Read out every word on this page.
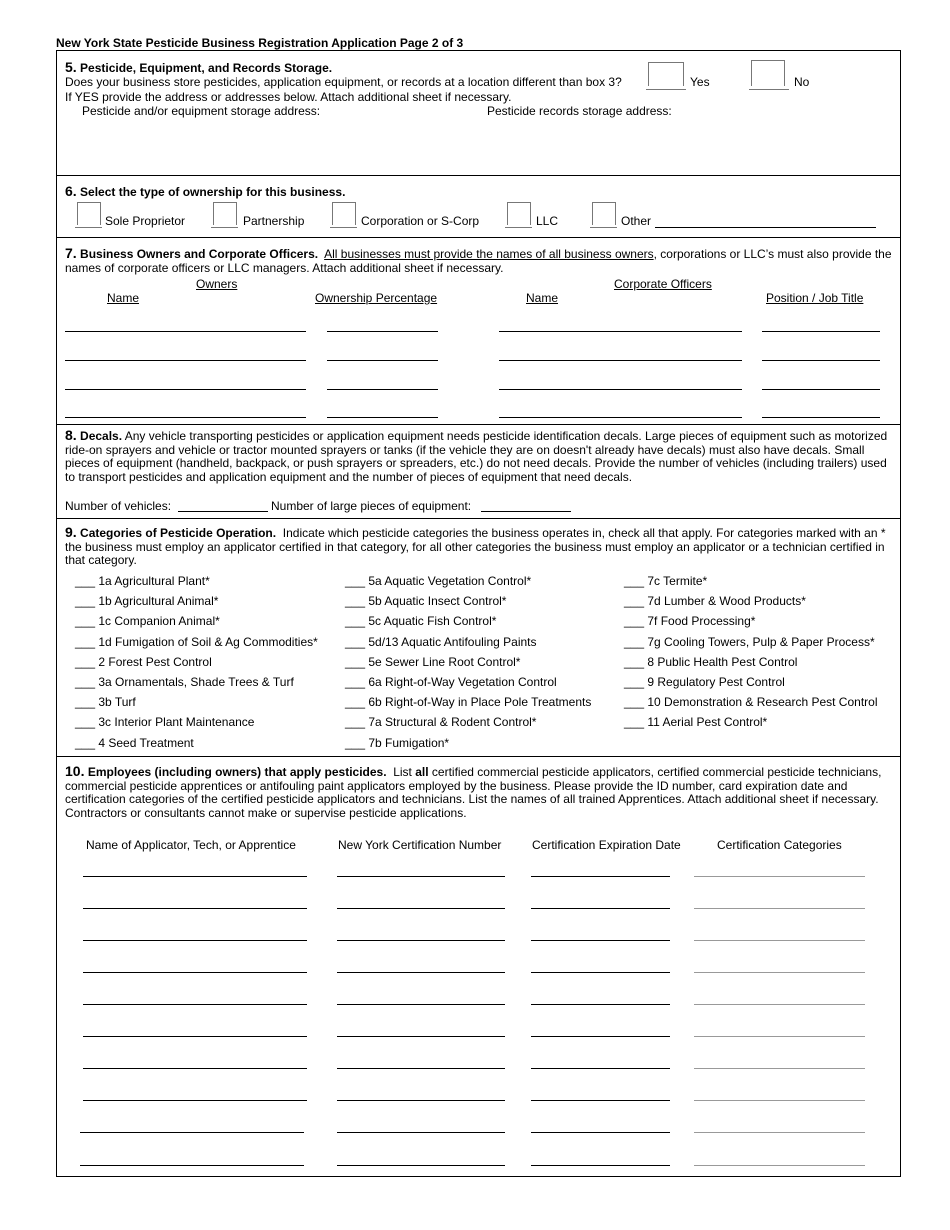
New York State Pesticide Business Registration Application Page 2 of 3
5. Pesticide, Equipment, and Records Storage.
Does your business store pesticides, application equipment, or records at a location different than box 3?	Yes	No
If YES provide the address or addresses below. Attach additional sheet if necessary.
Pesticide and/or equipment storage address:	Pesticide records storage address:
6. Select the type of ownership for this business.
Sole Proprietor	Partnership	Corporation or S-Corp	LLC	Other
7. Business Owners and Corporate Officers. All businesses must provide the names of all business owners, corporations or LLC’s must also provide the names of corporate officers or LLC managers. Attach additional sheet if necessary.
Owners	Corporate Officers
Name	Ownership Percentage	Name	Position / Job Title
8. Decals. Any vehicle transporting pesticides or application equipment needs pesticide identification decals. Large pieces of equipment such as motorized ride-on sprayers and vehicle or tractor mounted sprayers or tanks (if the vehicle they are on doesn't already have decals) must also have decals. Small pieces of equipment (handheld, backpack, or push sprayers or spreaders, etc.) do not need decals. Provide the number of vehicles (including trailers) used to transport pesticides and application equipment and the number of pieces of equipment that need decals.
Number of vehicles:	Number of large pieces of equipment:
9. Categories of Pesticide Operation. Indicate which pesticide categories the business operates in, check all that apply. For categories marked with an * the business must employ an applicator certified in that category, for all other categories the business must employ an applicator or a technician certified in that category.
___ 1a Agricultural Plant*
___ 1b Agricultural Animal*
___ 1c Companion Animal*
___ 1d Fumigation of Soil & Ag Commodities*
___ 2 Forest Pest Control
___ 3a Ornamentals, Shade Trees & Turf
___ 3b Turf
___ 3c Interior Plant Maintenance
___ 4 Seed Treatment
___ 5a Aquatic Vegetation Control*
___ 5b Aquatic Insect Control*
___ 5c Aquatic Fish Control*
___ 5d/13 Aquatic Antifouling Paints
___ 5e Sewer Line Root Control*
___ 6a Right-of-Way Vegetation Control
___ 6b Right-of-Way in Place Pole Treatments
___ 7a Structural & Rodent Control*
___ 7b Fumigation*
___ 7c Termite*
___ 7d Lumber & Wood Products*
___ 7f Food Processing*
___ 7g Cooling Towers, Pulp & Paper Process*
___ 8 Public Health Pest Control
___ 9 Regulatory Pest Control
___ 10 Demonstration & Research Pest Control
___ 11 Aerial Pest Control*
10. Employees (including owners) that apply pesticides. List all certified commercial pesticide applicators, certified commercial pesticide technicians, commercial pesticide apprentices or antifouling paint applicators employed by the business. Please provide the ID number, card expiration date and certification categories of the certified pesticide applicators and technicians. List the names of all trained Apprentices. Attach additional sheet if necessary. Contractors or consultants cannot make or supervise pesticide applications.
Name of Applicator, Tech, or Apprentice	New York Certification Number	Certification Expiration Date	Certification Categories
